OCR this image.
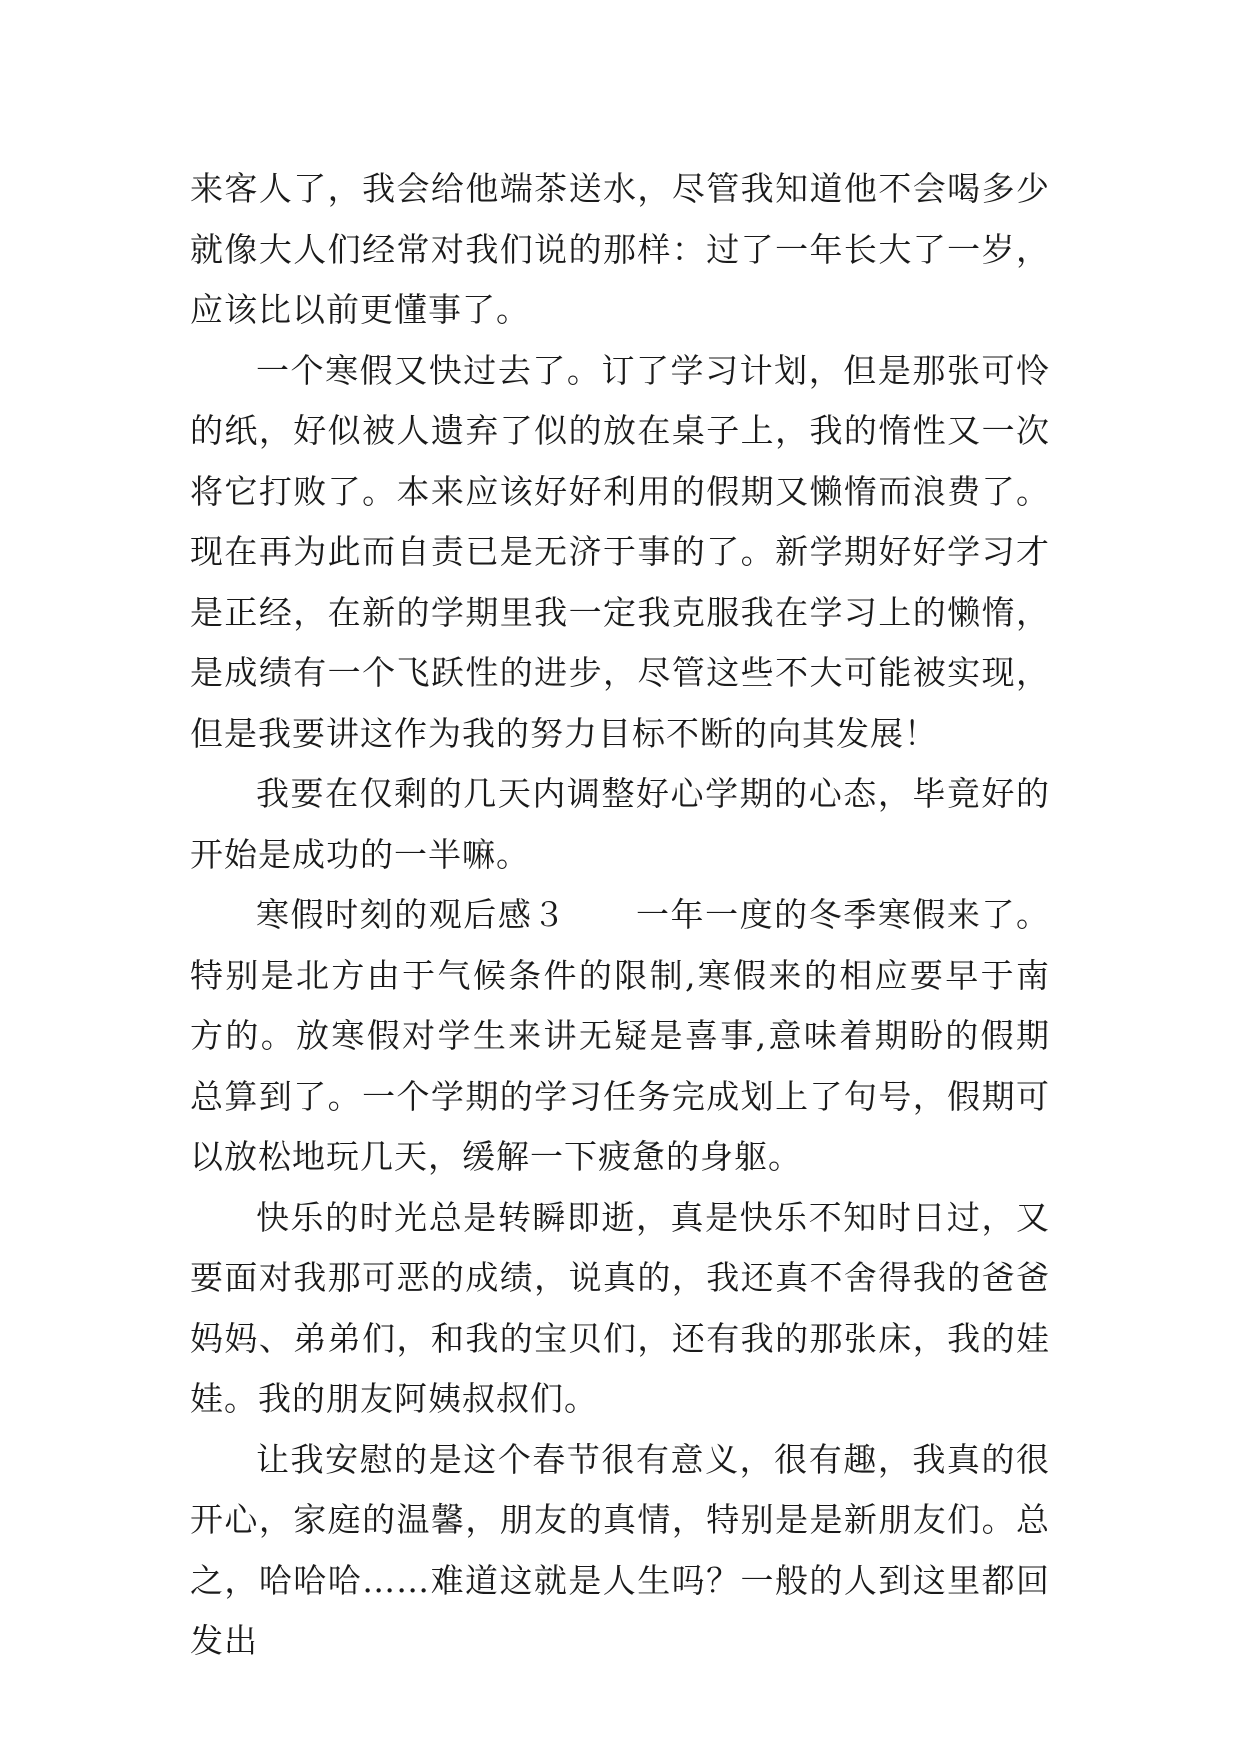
来客人了，我会给他端茶送水，尽管我知道他不会喝多少就像大人们经常对我们说的那样：过了一年长大了一岁，应该比以前更懂事了。

一个寒假又快过去了。订了学习计划，但是那张可怜的纸，好似被人遗弃了似的放在桌子上，我的惰性又一次将它打败了。本来应该好好利用的假期又懒惰而浪费了。现在再为此而自责已是无济于事的了。新学期好好学习才是正经，在新的学期里我一定我克服我在学习上的懒惰，是成绩有一个飞跃性的进步，尽管这些不大可能被实现，但是我要讲这作为我的努力目标不断的向其发展！

我要在仅剩的几天内调整好心学期的心态，毕竟好的开始是成功的一半嘛。

寒假时刻的观后感３　　一年一度的冬季寒假来了。特别是北方由于气候条件的限制,寒假来的相应要早于南方的。放寒假对学生来讲无疑是喜事,意味着期盼的假期总算到了。一个学期的学习任务完成划上了句号，假期可以放松地玩几天，缓解一下疲惫的身躯。

快乐的时光总是转瞬即逝，真是快乐不知时日过，又要面对我那可恶的成绩，说真的，我还真不舍得我的爸爸妈妈、弟弟们，和我的宝贝们，还有我的那张床，我的娃娃。我的朋友阿姨叔叔们。

让我安慰的是这个春节很有意义，很有趣，我真的很开心，家庭的温馨，朋友的真情，特别是是新朋友们。总之，哈哈哈……难道这就是人生吗？一般的人到这里都回发出
